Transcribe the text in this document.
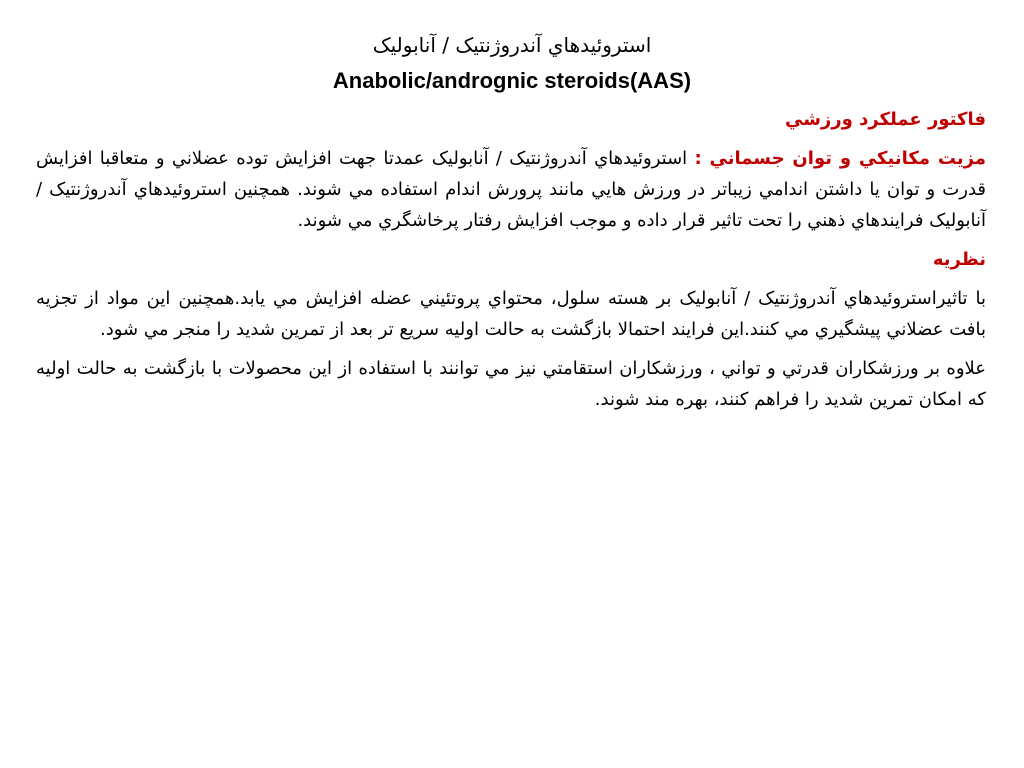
استروئيدهاي آندروژنتيک / آنابوليک
Anabolic/andrognic steroids(AAS)

فاکتور عملکرد ورزشي

مزيت مکانيکي و توان جسماني : استروئيدهاي آندروژنتيک / آنابوليک عمدتا جهت افزايش توده عضلاني و متعاقبا افزايش قدرت و توان يا داشتن اندامي زيباتر در ورزش هايي مانند پرورش اندام استفاده مي شوند. همچنين استروئيدهاي آندروژنتيک / آنابوليک فرايندهاي ذهني را تحت تاثير قرار داده و موجب افزايش رفتار پرخاشگري مي شوند.

نظريه

با تاثيراستروئيدهاي آندروژنتيک / آنابوليک بر هسته سلول، محتواي پروتئيني عضله افزايش مي يابد.همچنين اين مواد از تجزيه بافت عضلاني پيشگيري مي کنند.اين فرايند احتمالا بازگشت به حالت اوليه سريع تر بعد از تمرين شديد را منجر مي شود.

علاوه بر ورزشکاران قدرتي و تواني ، ورزشکاران استقامتي نيز مي توانند با استفاده از اين محصولات با بازگشت به حالت اوليه که امکان تمرين شديد را فراهم کنند، بهره مند شوند.
